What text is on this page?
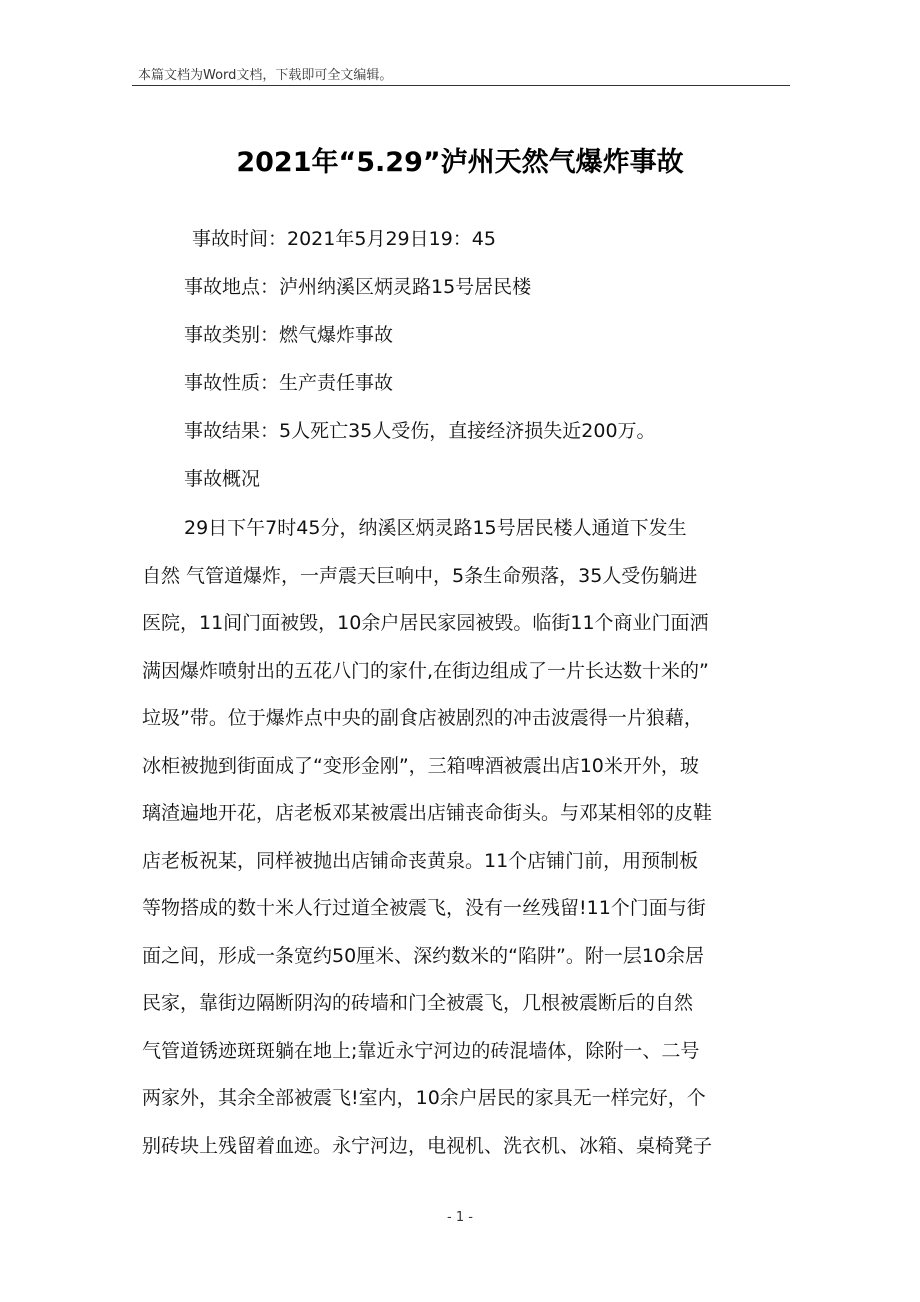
本篇文档为Word文档，下载即可全文编辑。
2021年“5.29”泸州天然气爆炸事故
事故时间：2021年5月29日19：45
事故地点：泸州纳溪区炳灵路15号居民楼
事故类别：燃气爆炸事故
事故性质：生产责任事故
事故结果：5人死亡35人受伤，直接经济损失近200万。
事故概况
29日下午7时45分，纳溪区炳灵路15号居民楼人通道下发生
自然 气管道爆炸，一声震天巨响中，5条生命殒落，35人受伤躺进
医院，11间门面被毁，10余户居民家园被毁。临街11个商业门面洒
满因爆炸喷射出的五花八门的家什,在街边组成了一片长达数十米的”
垃圾”带。位于爆炸点中央的副食店被剧烈的冲击波震得一片狼藉，
冰柜被抛到街面成了“变形金刚”，三箱啤酒被震出店10米开外，玻
璃渣遍地开花，店老板邓某被震出店铺丧命街头。与邓某相邻的皮鞋
店老板祝某，同样被抛出店铺命丧黄泉。11个店铺门前，用预制板
等物搭成的数十米人行过道全被震飞，没有一丝残留!11个门面与街
面之间，形成一条宽约50厘米、深约数米的“陷阱”。附一层10余居
民家，靠街边隔断阴沟的砖墙和门全被震飞，几根被震断后的自然
气管道锈迹斑斑躺在地上;靠近永宁河边的砖混墙体，除附一、二号
两家外，其余全部被震飞!室内，10余户居民的家具无一样完好，个
别砖块上残留着血迹。永宁河边，电视机、洗衣机、冰箱、桌椅凳子
- 1 -
